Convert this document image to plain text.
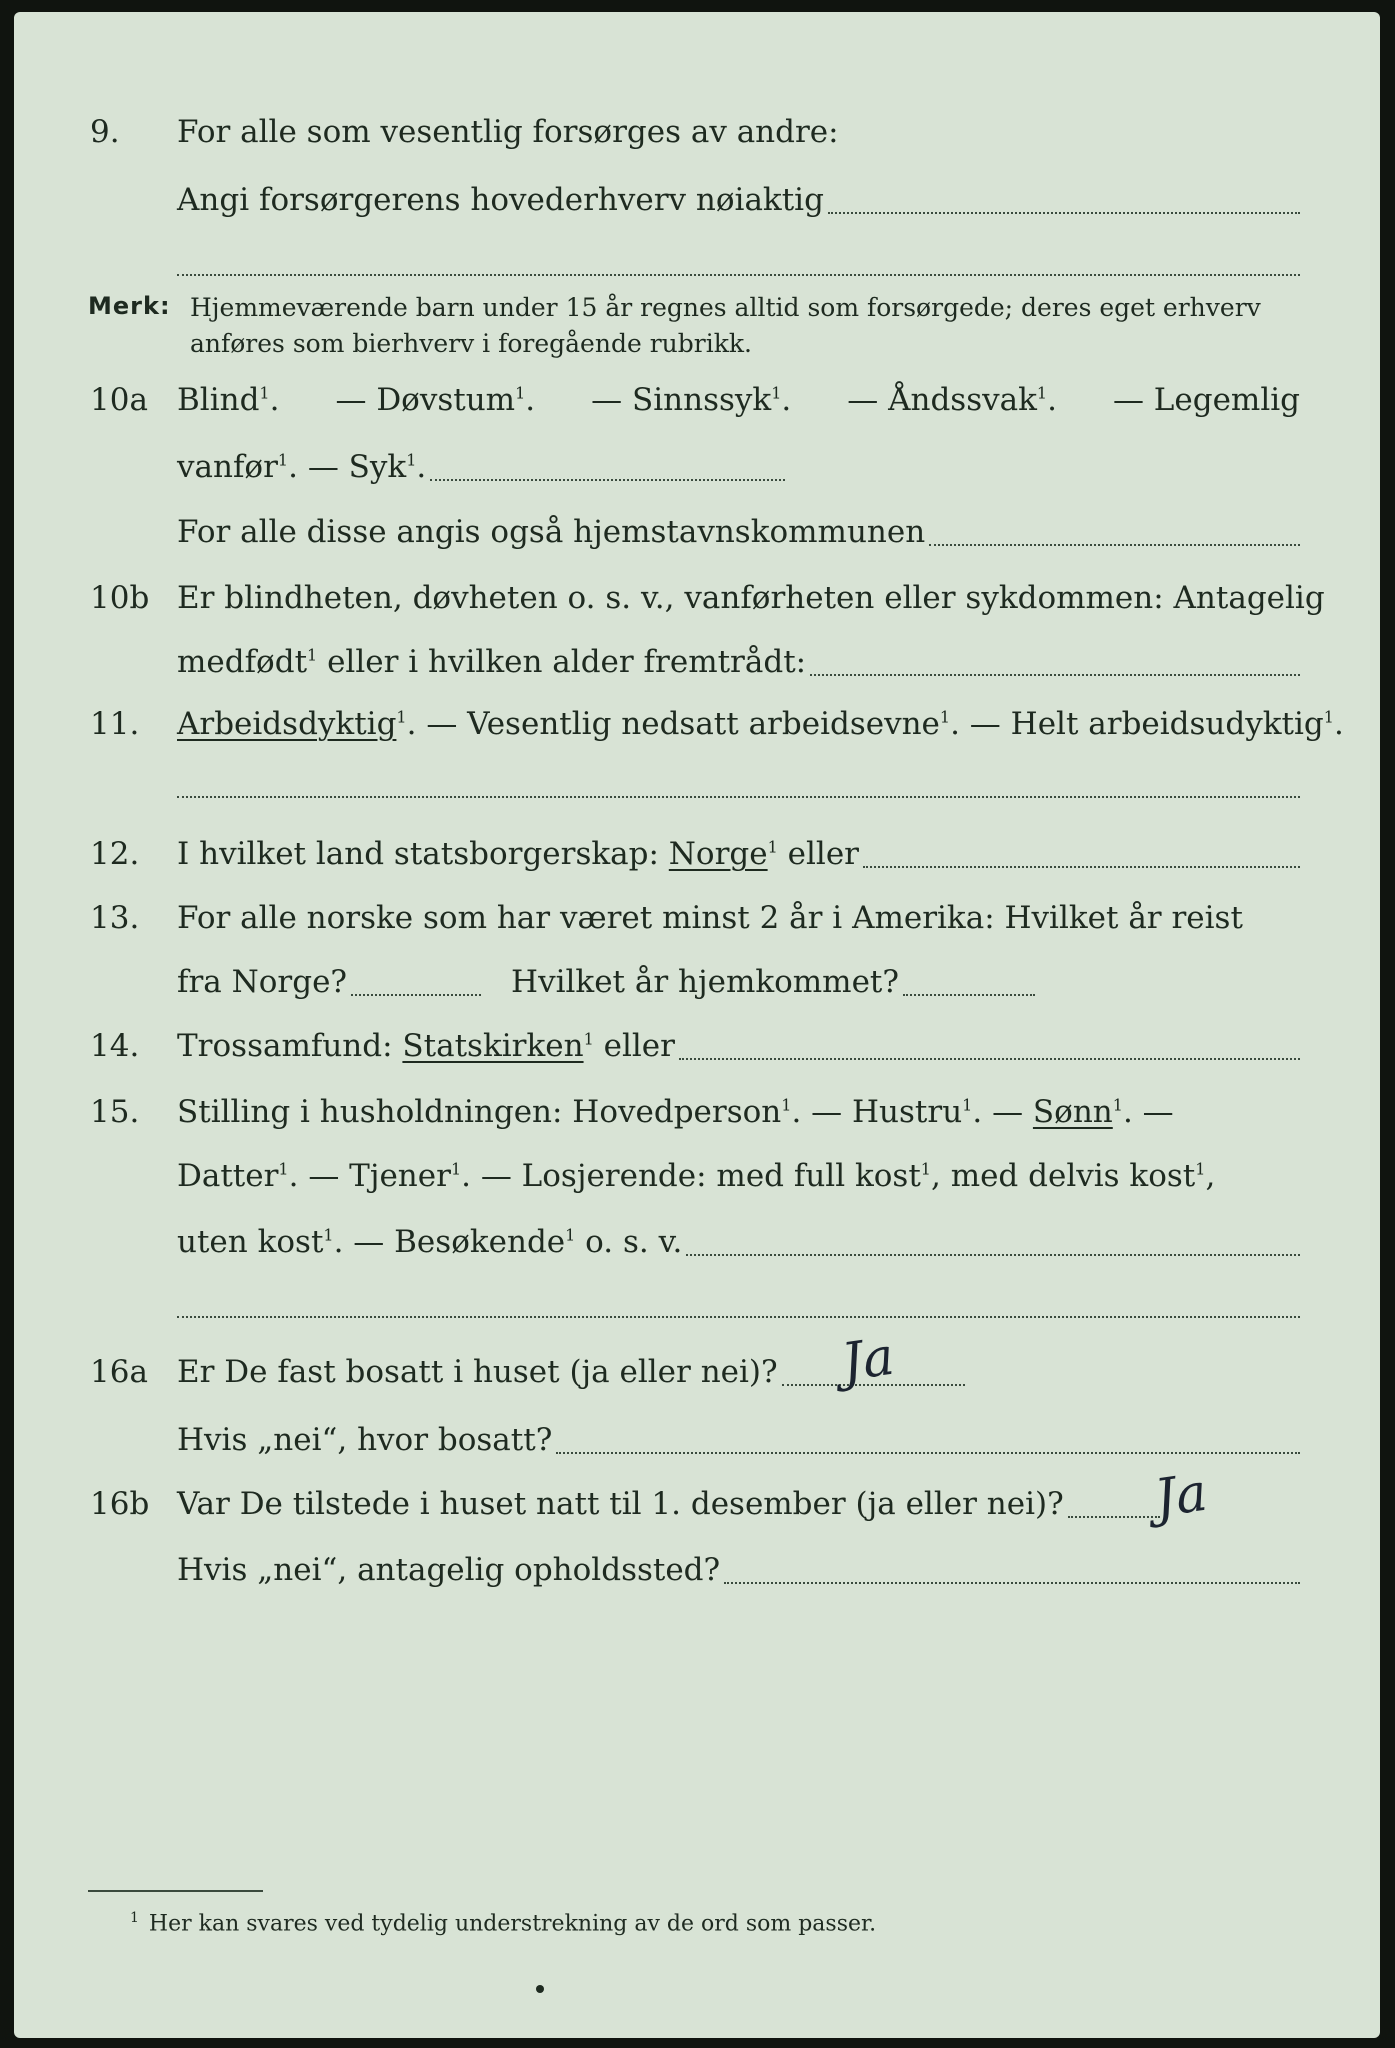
9.	For alle som vesentlig forsørges av andre:
Angi forsørgerens hovederhverv nøiaktig
Merk: Hjemmeværende barn under 15 år regnes alltid som forsørgede; deres eget erhverv
anføres som bierhverv i foregående rubrikk.
10a Blind$^1$. — Døvstum$^1$. — Sinnssyk$^1$. — Åndssvak$^1$. — Legemlig
vanfør$^1$. — Syk$^1$.
For alle disse angis også hjemstavnskommunen
10b Er blindheten, døvheten o. s. v., vanførheten eller sykdommen: Antagelig
medfødt$^1$ eller i hvilken alder fremtrådt:
11.	Arbeidsdyktig$^1$. — Vesentlig nedsatt arbeidsevne$^1$. — Helt arbeidsudyktig$^1$.
12.	I hvilket land statsborgerskap: Norge$^1$ eller
13.	For alle norske som har været minst 2 år i Amerika: Hvilket år reist
fra Norge?	Hvilket år hjemkommet?
14.	Trossamfund: Statskirken$^1$ eller
15.	Stilling i husholdningen: Hovedperson$^1$. — Hustru$^1$. — Sønn$^1$. —
Datter$^1$. — Tjener$^1$. — Losjerende: med full kost$^1$, med delvis kost$^1$,
uten kost$^1$. — Besøkende$^1$ o. s. v.
16a Er De fast bosatt i huset (ja eller nei)? Ja
Hvis „nei“, hvor bosatt?
16b Var De tilstede i huset natt til 1. desember (ja eller nei)? Ja
Hvis „nei“, antagelig opholdssted?
$^1$ Her kan svares ved tydelig understrekning av de ord som passer.
